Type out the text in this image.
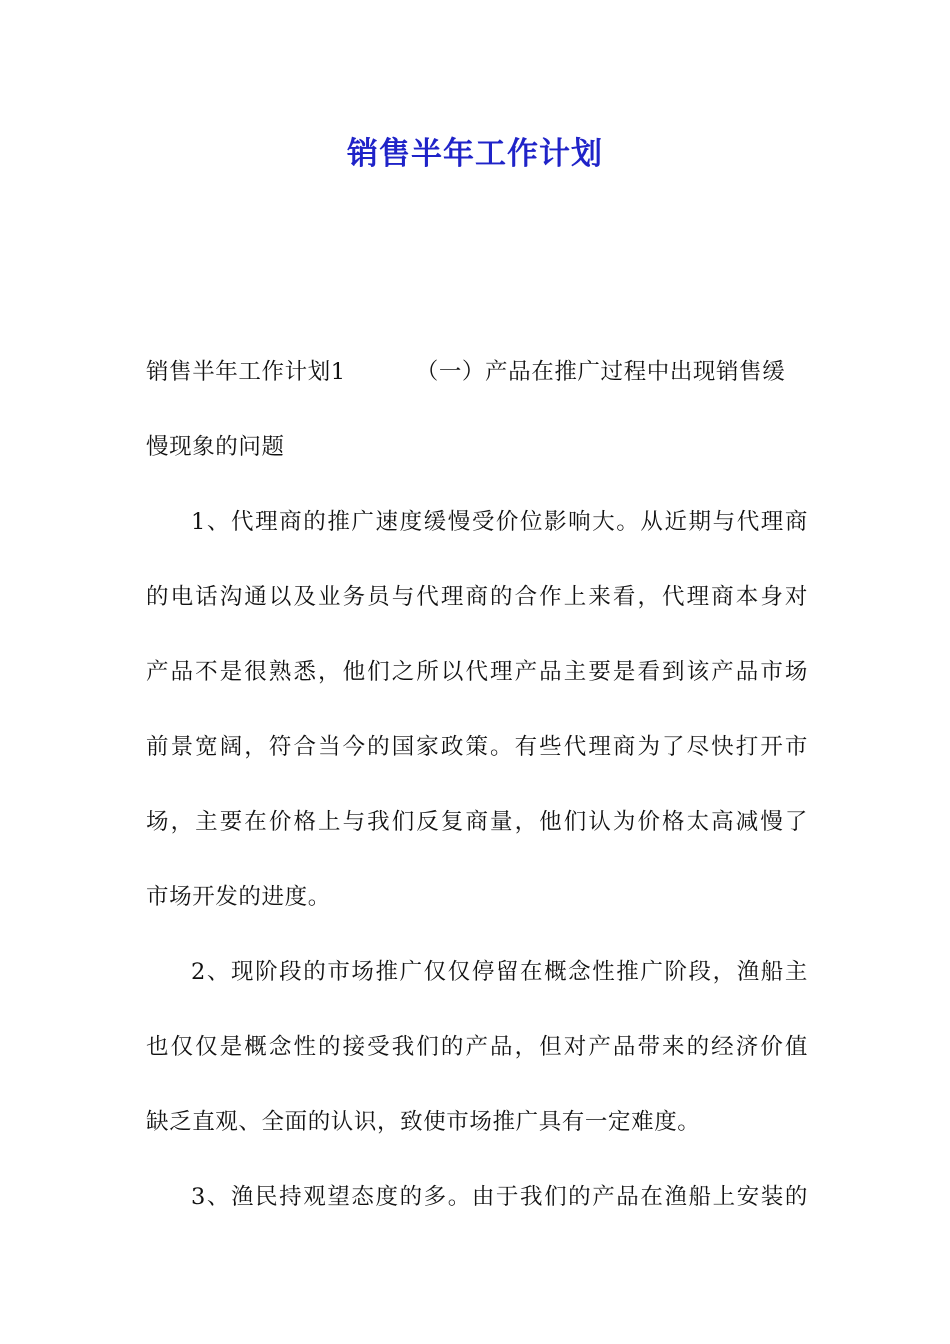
销售半年工作计划
销售半年工作计划1	（一）产品在推广过程中出现销售缓
慢现象的问题
1、代理商的推广速度缓慢受价位影响大。从近期与代理商
的电话沟通以及业务员与代理商的合作上来看，代理商本身对
产品不是很熟悉，他们之所以代理产品主要是看到该产品市场
前景宽阔，符合当今的国家政策。有些代理商为了尽快打开市
场，主要在价格上与我们反复商量，他们认为价格太高减慢了
市场开发的进度。
2、现阶段的市场推广仅仅停留在概念性推广阶段，渔船主
也仅仅是概念性的接受我们的产品，但对产品带来的经济价值
缺乏直观、全面的认识，致使市场推广具有一定难度。
3、渔民持观望态度的多。由于我们的产品在渔船上安装的
